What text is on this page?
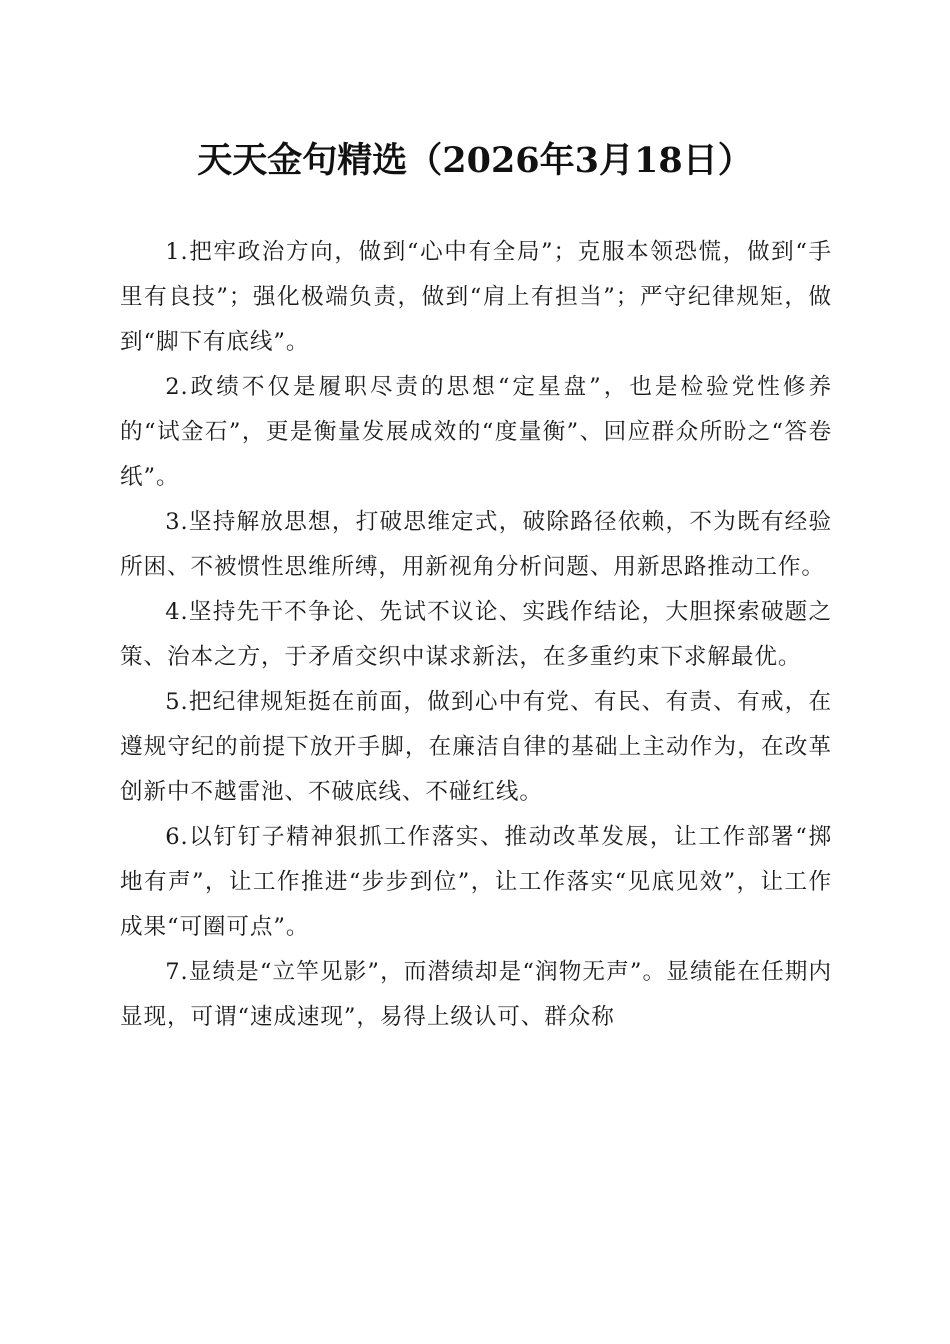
天天金句精选（2026年3月18日）

1.把牢政治方向，做到“心中有全局”；克服本领恐慌，做到“手里有良技”；强化极端负责，做到“肩上有担当”；严守纪律规矩，做到“脚下有底线”。

2.政绩不仅是履职尽责的思想“定星盘”，也是检验党性修养的“试金石”，更是衡量发展成效的“度量衡”、回应群众所盼之“答卷纸”。

3.坚持解放思想，打破思维定式，破除路径依赖，不为既有经验所困、不被惯性思维所缚，用新视角分析问题、用新思路推动工作。

4.坚持先干不争论、先试不议论、实践作结论，大胆探索破题之策、治本之方，于矛盾交织中谋求新法，在多重约束下求解最优。

5.把纪律规矩挺在前面，做到心中有党、有民、有责、有戒，在遵规守纪的前提下放开手脚，在廉洁自律的基础上主动作为，在改革创新中不越雷池、不破底线、不碰红线。

6.以钉钉子精神狠抓工作落实、推动改革发展，让工作部署“掷地有声”，让工作推进“步步到位”，让工作落实“见底见效”，让工作成果“可圈可点”。

7.显绩是“立竿见影”，而潜绩却是“润物无声”。显绩能在任期内显现，可谓“速成速现”，易得上级认可、群众称
